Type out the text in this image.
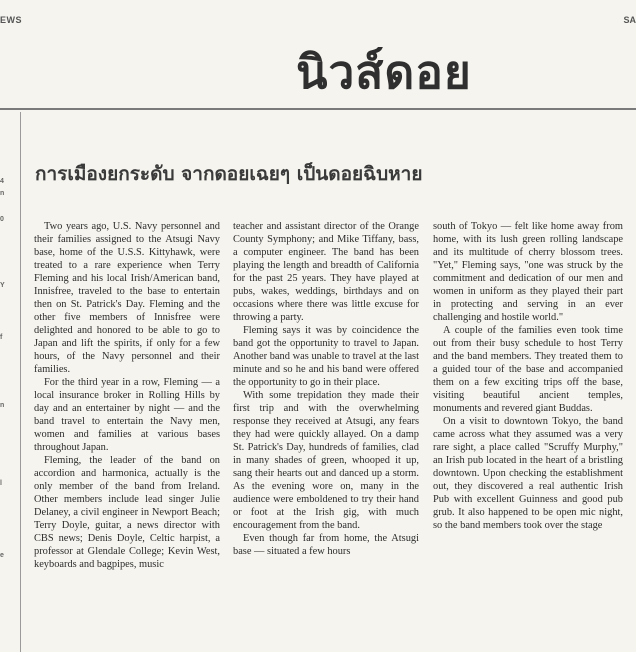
EWS	SA
นิวส์ดอย
4
n
0
Y
f
n
l
e
การเมืองยกระดับ จากดอยเฉยๆ เป็นดอยฉิบหาย

Two years ago, U.S. Navy personnel and their families assigned to the Atsugi Navy base, home of the U.S.S. Kittyhawk, were treated to a rare experience when Terry Fleming and his local Irish/American band, Innisfree, traveled to the base to entertain then on St. Patrick's Day. Fleming and the other five members of Innisfree were delighted and honored to be able to go to Japan and lift the spirits, if only for a few hours, of the Navy personnel and their families.

For the third year in a row, Fleming — a local insurance broker in Rolling Hills by day and an entertainer by night — and the band travel to entertain the Navy men, women and families at various bases throughout Japan.

Fleming, the leader of the band on accordion and harmonica, actually is the only member of the band from Ireland. Other members include lead singer Julie Delaney, a civil engineer in Newport Beach; Terry Doyle, guitar, a news director with CBS news; Denis Doyle, Celtic harpist, a professor at Glendale College; Kevin West, keyboards and bagpipes, music

teacher and assistant director of the Orange County Symphony; and Mike Tiffany, bass, a computer engineer. The band has been playing the length and breadth of California for the past 25 years. They have played at pubs, wakes, weddings, birthdays and on occasions where there was little excuse for throwing a party.

Fleming says it was by coincidence the band got the opportunity to travel to Japan. Another band was unable to travel at the last minute and so he and his band were offered the opportunity to go in their place.

With some trepidation they made their first trip and with the overwhelming response they received at Atsugi, any fears they had were quickly allayed. On a damp St. Patrick's Day, hundreds of families, clad in many shades of green, whooped it up, sang their hearts out and danced up a storm. As the evening wore on, many in the audience were emboldened to try their hand or foot at the Irish gig, with much encouragement from the band.

Even though far from home, the Atsugi base — situated a few hours

south of Tokyo — felt like home away from home, with its lush green rolling landscape and its multitude of cherry blossom trees. "Yet," Fleming says, "one was struck by the commitment and dedication of our men and women in uniform as they played their part in protecting and serving in an ever challenging and hostile world."

A couple of the families even took time out from their busy schedule to host Terry and the band members. They treated them to a guided tour of the base and accompanied them on a few exciting trips off the base, visiting beautiful ancient temples, monuments and revered giant Buddas.

On a visit to downtown Tokyo, the band came across what they assumed was a very rare sight, a place called "Scruffy Murphy," an Irish pub located in the heart of a bristling downtown. Upon checking the establishment out, they discovered a real authentic Irish Pub with excellent Guinness and good pub grub. It also happened to be open mic night, so the band members took over the stage
